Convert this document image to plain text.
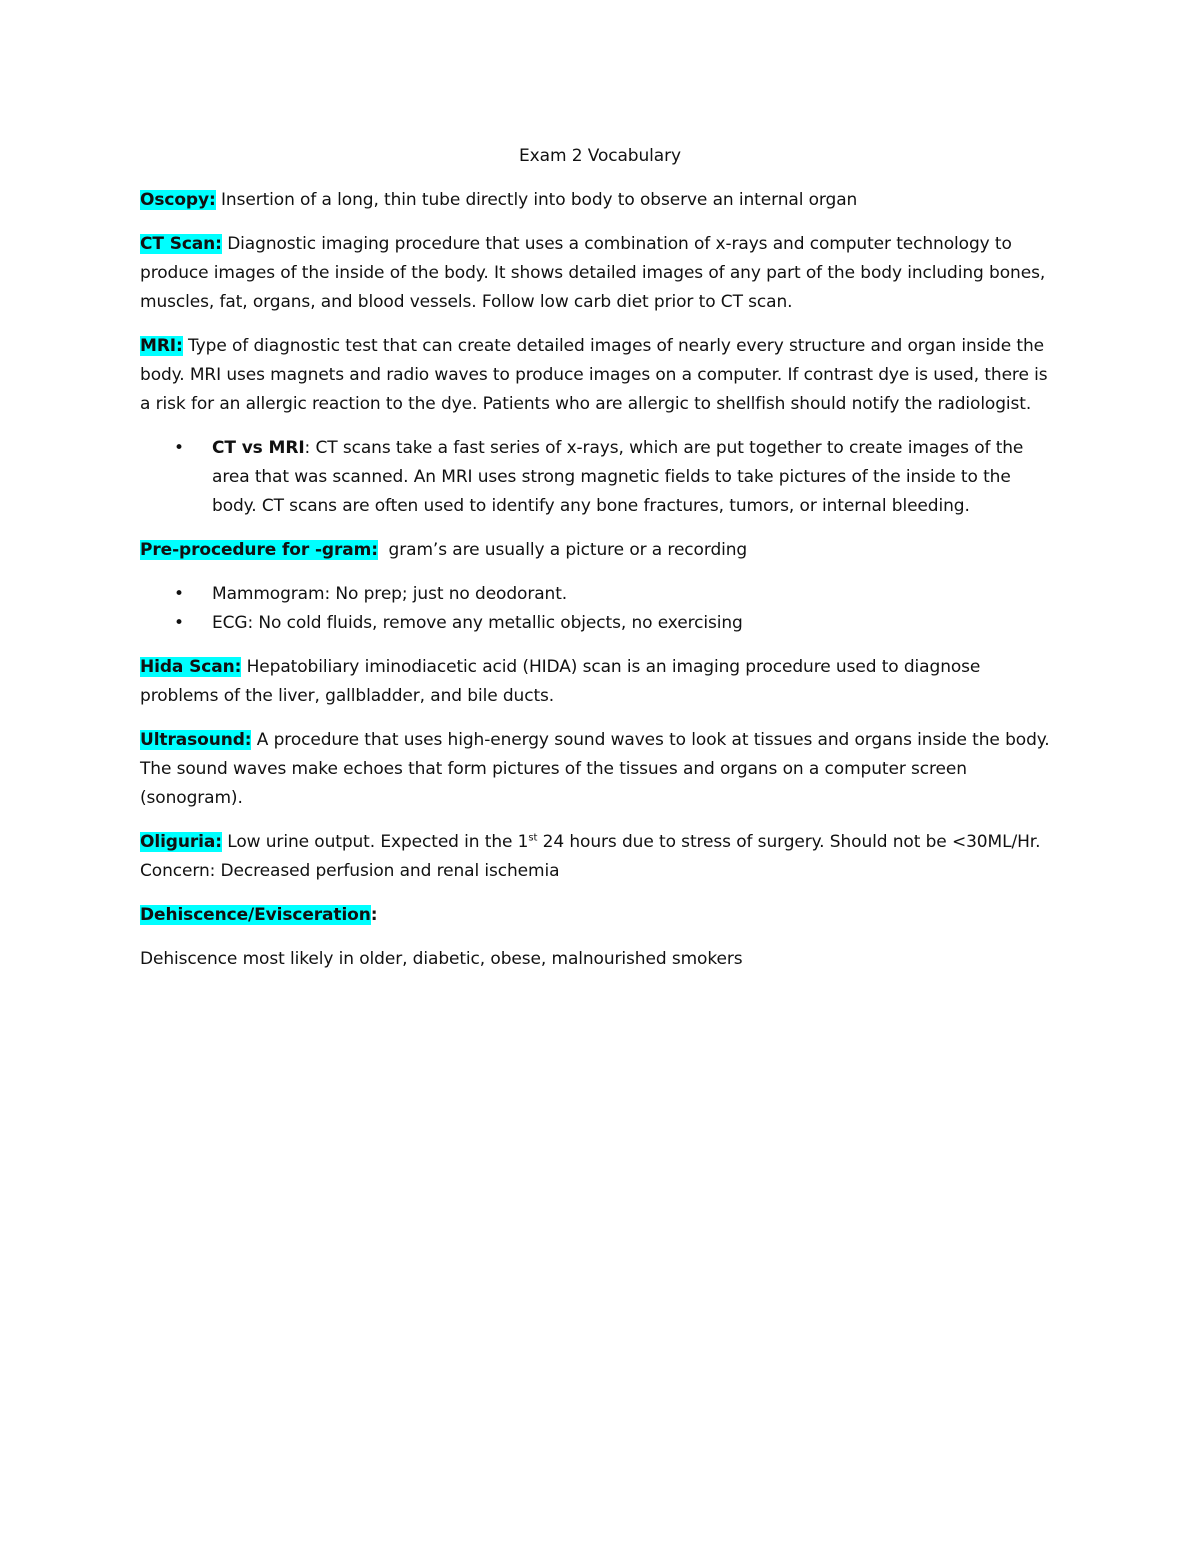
Exam 2 Vocabulary
Oscopy: Insertion of a long, thin tube directly into body to observe an internal organ
CT Scan: Diagnostic imaging procedure that uses a combination of x-rays and computer technology to produce images of the inside of the body. It shows detailed images of any part of the body including bones, muscles, fat, organs, and blood vessels. Follow low carb diet prior to CT scan.
MRI: Type of diagnostic test that can create detailed images of nearly every structure and organ inside the body. MRI uses magnets and radio waves to produce images on a computer. If contrast dye is used, there is a risk for an allergic reaction to the dye. Patients who are allergic to shellfish should notify the radiologist.
• CT vs MRI: CT scans take a fast series of x-rays, which are put together to create images of the area that was scanned. An MRI uses strong magnetic fields to take pictures of the inside to the body. CT scans are often used to identify any bone fractures, tumors, or internal bleeding.
Pre-procedure for -gram:  gram’s are usually a picture or a recording
• Mammogram: No prep; just no deodorant.
• ECG: No cold fluids, remove any metallic objects, no exercising
Hida Scan: Hepatobiliary iminodiacetic acid (HIDA) scan is an imaging procedure used to diagnose problems of the liver, gallbladder, and bile ducts.
Ultrasound: A procedure that uses high-energy sound waves to look at tissues and organs inside the body. The sound waves make echoes that form pictures of the tissues and organs on a computer screen (sonogram).
Oliguria: Low urine output. Expected in the 1st 24 hours due to stress of surgery. Should not be <30ML/Hr. Concern: Decreased perfusion and renal ischemia
Dehiscence/Evisceration:
Dehiscence most likely in older, diabetic, obese, malnourished smokers
